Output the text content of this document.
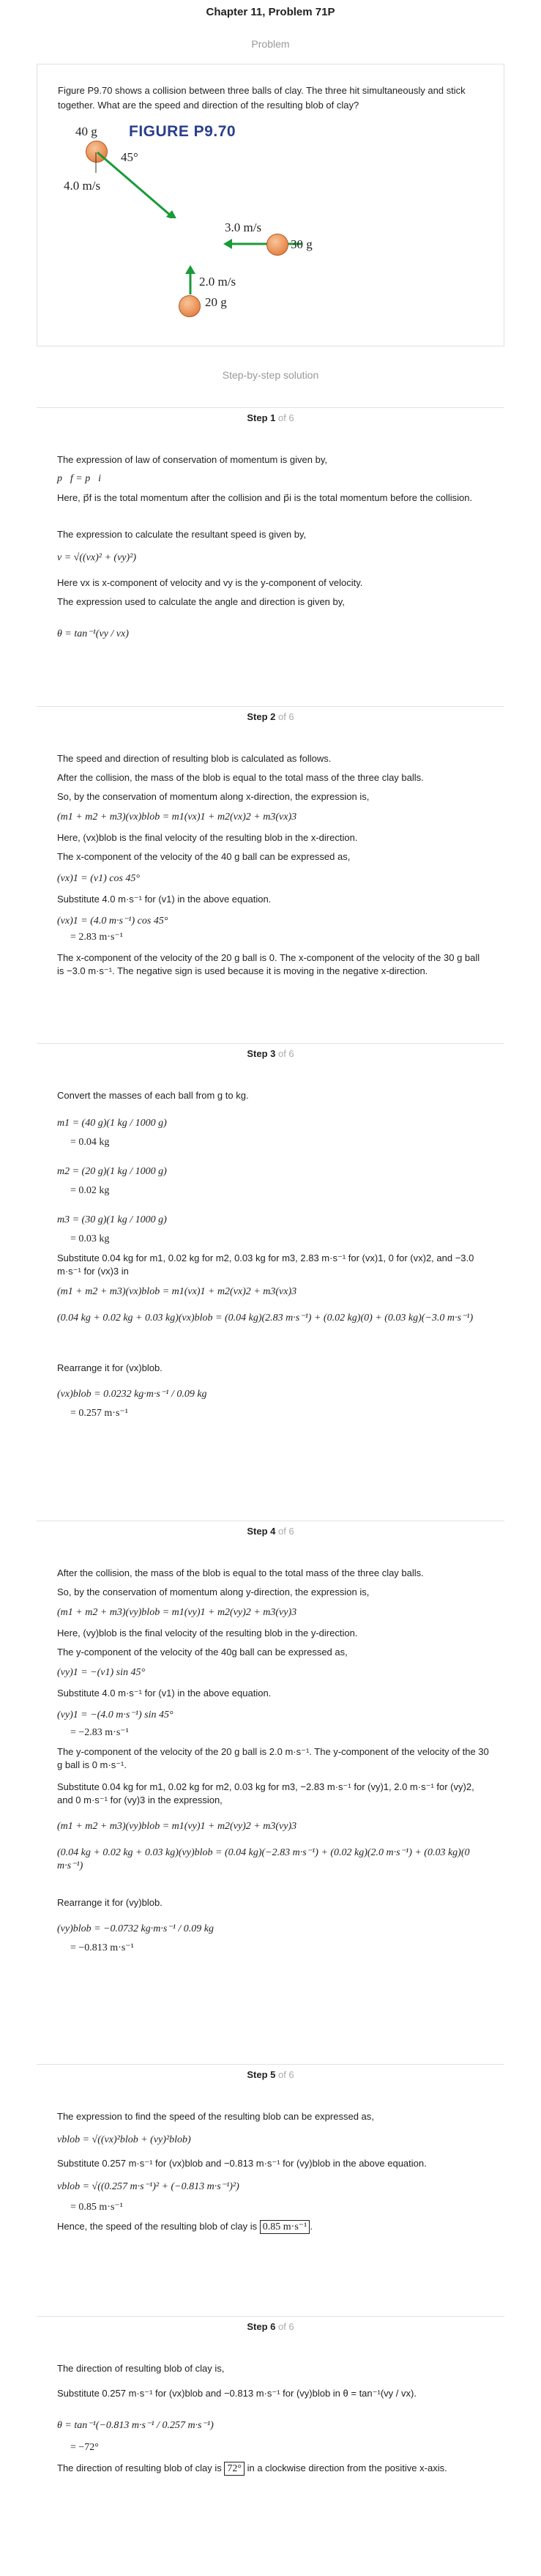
Chapter 11, Problem 71P
Problem
Figure P9.70 shows a collision between three balls of clay. The three hit simultaneously and stick together. What are the speed and direction of the resulting blob of clay?
FIGURE P9.70
40 g
45°
4.0 m/s
3.0 m/s
30 g
2.0 m/s
20 g
Step-by-step solution
Step 1 of 6
The expression of law of conservation of momentum is given by,
p⃗f = p⃗i
Here, p⃗f is the total momentum after the collision and p⃗i is the total momentum before the collision.
The expression to calculate the resultant speed is given by,
v = √((vx)² + (vy)²)
Here vx is x-component of velocity and vy is the y-component of velocity.
The expression used to calculate the angle and direction is given by,
θ = tan⁻¹(vy / vx)
Step 2 of 6
The speed and direction of resulting blob is calculated as follows.
After the collision, the mass of the blob is equal to the total mass of the three clay balls.
So, by the conservation of momentum along x-direction, the expression is,
(m1 + m2 + m3)(vx)blob = m1(vx)1 + m2(vx)2 + m3(vx)3
Here, (vx)blob is the final velocity of the resulting blob in the x-direction.
The x-component of the velocity of the 40 g ball can be expressed as,
(vx)1 = (v1) cos 45°
Substitute 4.0 m·s⁻¹ for (v1) in the above equation.
(vx)1 = (4.0 m·s⁻¹) cos 45°
= 2.83 m·s⁻¹
The x-component of the velocity of the 20 g ball is 0. The x-component of the velocity of the 30 g ball is −3.0 m·s⁻¹. The negative sign is used because it is moving in the negative x-direction.
Step 3 of 6
Convert the masses of each ball from g to kg.
m1 = (40 g)(1 kg / 1000 g)
= 0.04 kg
m2 = (20 g)(1 kg / 1000 g)
= 0.02 kg
m3 = (30 g)(1 kg / 1000 g)
= 0.03 kg
Substitute 0.04 kg for m1, 0.02 kg for m2, 0.03 kg for m3, 2.83 m·s⁻¹ for (vx)1, 0 for (vx)2, and −3.0 m·s⁻¹ for (vx)3 in
(m1 + m2 + m3)(vx)blob = m1(vx)1 + m2(vx)2 + m3(vx)3
(0.04 kg + 0.02 kg + 0.03 kg)(vx)blob = (0.04 kg)(2.83 m·s⁻¹) + (0.02 kg)(0) + (0.03 kg)(−3.0 m·s⁻¹)
Rearrange it for (vx)blob.
(vx)blob = 0.0232 kg·m·s⁻¹ / 0.09 kg
= 0.257 m·s⁻¹
Step 4 of 6
After the collision, the mass of the blob is equal to the total mass of the three clay balls.
So, by the conservation of momentum along y-direction, the expression is,
(m1 + m2 + m3)(vy)blob = m1(vy)1 + m2(vy)2 + m3(vy)3
Here, (vy)blob is the final velocity of the resulting blob in the y-direction.
The y-component of the velocity of the 40g ball can be expressed as,
(vy)1 = −(v1) sin 45°
Substitute 4.0 m·s⁻¹ for (v1) in the above equation.
(vy)1 = −(4.0 m·s⁻¹) sin 45°
= −2.83 m·s⁻¹
The y-component of the velocity of the 20 g ball is 2.0 m·s⁻¹. The y-component of the velocity of the 30 g ball is 0 m·s⁻¹.
Substitute 0.04 kg for m1, 0.02 kg for m2, 0.03 kg for m3, −2.83 m·s⁻¹ for (vy)1, 2.0 m·s⁻¹ for (vy)2, and 0 m·s⁻¹ for (vy)3 in the expression,
(m1 + m2 + m3)(vy)blob = m1(vy)1 + m2(vy)2 + m3(vy)3
(0.04 kg + 0.02 kg + 0.03 kg)(vy)blob = (0.04 kg)(−2.83 m·s⁻¹) + (0.02 kg)(2.0 m·s⁻¹) + (0.03 kg)(0 m·s⁻¹)
Rearrange it for (vy)blob.
(vy)blob = −0.0732 kg·m·s⁻¹ / 0.09 kg
= −0.813 m·s⁻¹
Step 5 of 6
The expression to find the speed of the resulting blob can be expressed as,
vblob = √((vx)²blob + (vy)²blob)
Substitute 0.257 m·s⁻¹ for (vx)blob and −0.813 m·s⁻¹ for (vy)blob in the above equation.
vblob = √((0.257 m·s⁻¹)² + (−0.813 m·s⁻¹)²)
= 0.85 m·s⁻¹
Hence, the speed of the resulting blob of clay is 0.85 m·s⁻¹ .
Step 6 of 6
The direction of resulting blob of clay is,
Substitute 0.257 m·s⁻¹ for (vx)blob and −0.813 m·s⁻¹ for (vy)blob in θ = tan⁻¹(vy / vx).
θ = tan⁻¹(−0.813 m·s⁻¹ / 0.257 m·s⁻¹)
= −72°
The direction of resulting blob of clay is 72° in a clockwise direction from the positive x-axis.
